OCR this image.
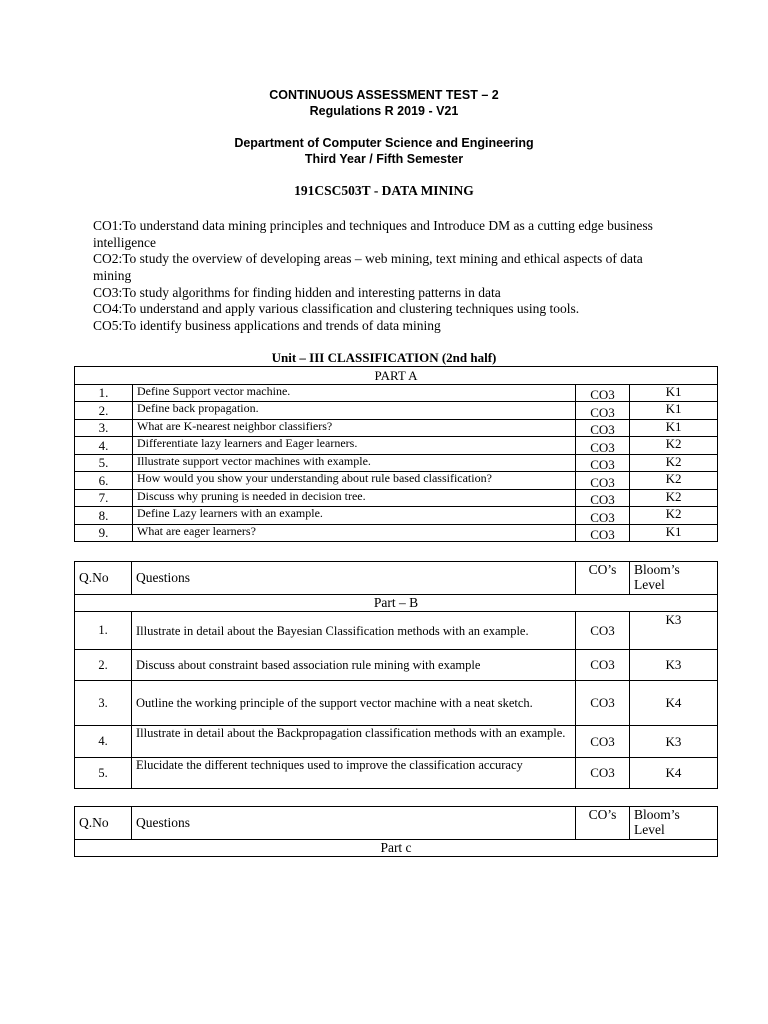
CONTINUOUS ASSESSMENT TEST – 2
Regulations R 2019 - V21
Department of Computer Science and Engineering
Third Year / Fifth Semester
191CSC503T - DATA MINING
CO1:To understand data mining principles and techniques and Introduce DM as a cutting edge business intelligence
CO2:To study the overview of developing areas – web mining, text mining and ethical aspects of data mining
CO3:To study algorithms for finding hidden and interesting patterns in data
CO4:To understand and apply various classification and clustering techniques using tools.
CO5:To identify business applications and trends of data mining
Unit – III CLASSIFICATION (2nd half)
PART A			
1.	Define Support vector machine.	CO3	K1
2.	Define back propagation.	CO3	K1
3.	What are K-nearest neighbor classifiers?	CO3	K1
4.	Differentiate lazy learners and Eager learners.	CO3	K2
5.	Illustrate support vector machines with example.	CO3	K2
6.	How would you show your understanding about rule based classification?	CO3	K2
7.	Discuss why pruning is needed in decision tree.	CO3	K2
8.	Define Lazy learners with an example.	CO3	K2
9.	What are eager learners?	CO3	K1
Q.No	Questions	CO’s	Bloom’s Level
Part – B			
1.	Illustrate in detail about the Bayesian Classification methods with an example.	CO3	K3
2.	Discuss about constraint based association rule mining with example	CO3	K3
3.	Outline the working principle of the support vector machine with a neat sketch.	CO3	K4
4.	Illustrate in detail about the Backpropagation classification methods with an example.	CO3	K3
5.	Elucidate the different techniques used to improve the classification accuracy	CO3	K4
Q.No	Questions	CO’s	Bloom’s Level
Part c
